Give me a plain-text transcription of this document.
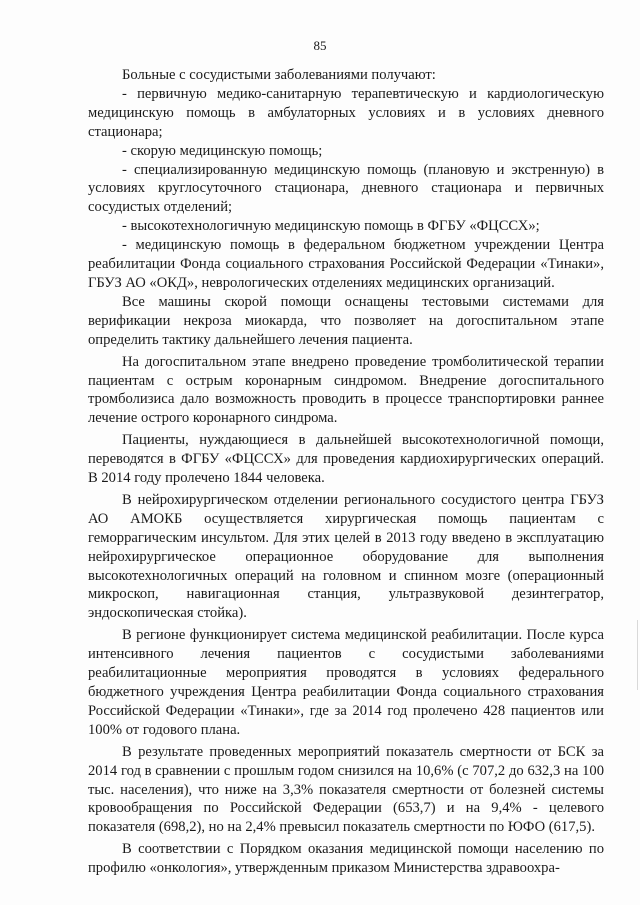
85

Больные с сосудистыми заболеваниями получают:

- первичную медико-санитарную терапевтическую и кардиологическую медицинскую помощь в амбулаторных условиях и в условиях дневного стационара;

- скорую медицинскую помощь;

- специализированную медицинскую помощь (плановую и экстренную) в условиях круглосуточного стационара, дневного стационара и первичных сосудистых отделений;

- высокотехнологичную медицинскую помощь в ФГБУ «ФЦССХ»;

- медицинскую помощь в федеральном бюджетном учреждении Центра реабилитации Фонда социального страхования Российской Федерации «Тинаки», ГБУЗ АО «ОКД», неврологических отделениях медицинских организаций.

Все машины скорой помощи оснащены тестовыми системами для верификации некроза миокарда, что позволяет на догоспитальном этапе определить тактику дальнейшего лечения пациента.

На догоспитальном этапе внедрено проведение тромболитической терапии пациентам с острым коронарным синдромом. Внедрение догоспитального тромболизиса дало возможность проводить в процессе транспортировки раннее лечение острого коронарного синдрома.

Пациенты, нуждающиеся в дальнейшей высокотехнологичной помощи, переводятся в ФГБУ «ФЦССХ» для проведения кардиохирургических операций. В 2014 году пролечено 1844 человека.

В нейрохирургическом отделении регионального сосудистого центра ГБУЗ АО АМОКБ осуществляется хирургическая помощь пациентам с геморрагическим инсультом. Для этих целей в 2013 году введено в эксплуатацию нейрохирургическое операционное оборудование для выполнения высокотехнологичных операций на головном и спинном мозге (операционный микроскоп, навигационная станция, ультразвуковой дезинтегратор, эндоскопическая стойка).

В регионе функционирует система медицинской реабилитации. После курса интенсивного лечения пациентов с сосудистыми заболеваниями реабилитационные мероприятия проводятся в условиях федерального бюджетного учреждения Центра реабилитации Фонда социального страхования Российской Федерации «Тинаки», где за 2014 год пролечено 428 пациентов или 100% от годового плана.

В результате проведенных мероприятий показатель смертности от БСК за 2014 год в сравнении с прошлым годом снизился на 10,6% (с 707,2 до 632,3 на 100 тыс. населения), что ниже на 3,3% показателя смертности от болезней системы кровообращения по Российской Федерации (653,7) и на 9,4% - целевого показателя (698,2), но на 2,4% превысил показатель смертности по ЮФО (617,5).

В соответствии с Порядком оказания медицинской помощи населению по профилю «онкология», утвержденным приказом Министерства здравоохра-
